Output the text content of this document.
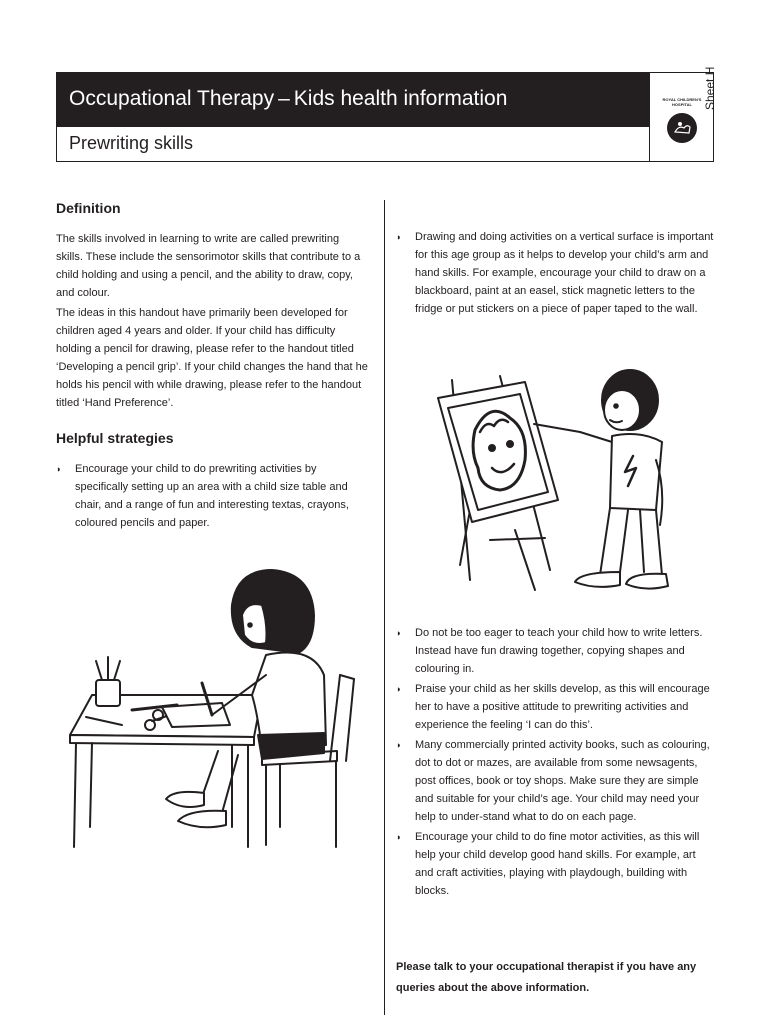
Occupational Therapy – Kids health information
Prewriting skills
ROYAL CHILDREN'S HOSPITAL Sheet H
Definition

The skills involved in learning to write are called prewriting skills. These include the sensorimotor skills that contribute to a child holding and using a pencil, and the ability to draw, copy, and colour.

The ideas in this handout have primarily been developed for children aged 4 years and older. If your child has difficulty holding a pencil for drawing, please refer to the handout titled ‘Developing a pencil grip’. If your child changes the hand that he holds his pencil with while drawing, please refer to the handout titled ‘Hand Preference’.

Helpful strategies
◗ Encourage your child to do prewriting activities by specifically setting up an area with a child size table and chair, and a range of fun and interesting textas, crayons, coloured pencils and paper.
◗ Drawing and doing activities on a vertical surface is important for this age group as it helps to develop your child’s arm and hand skills. For example, encourage your child to draw on a blackboard, paint at an easel, stick magnetic letters to the fridge or put stickers on a piece of paper taped to the wall.
◗ Do not be too eager to teach your child how to write letters. Instead have fun drawing together, copying shapes and colouring in.
◗ Praise your child as her skills develop, as this will encourage her to have a positive attitude to prewriting activities and experience the feeling ‘I can do this’.
◗ Many commercially printed activity books, such as colouring, dot to dot or mazes, are available from some newsagents, post offices, book or toy shops. Make sure they are simple and suitable for your child’s age. Your child may need your help to under-stand what to do on each page.
◗ Encourage your child to do fine motor activities, as this will help your child develop good hand skills. For example, art and craft activities, playing with playdough, building with blocks.
Please talk to your occupational therapist if you have any queries about the above information.
